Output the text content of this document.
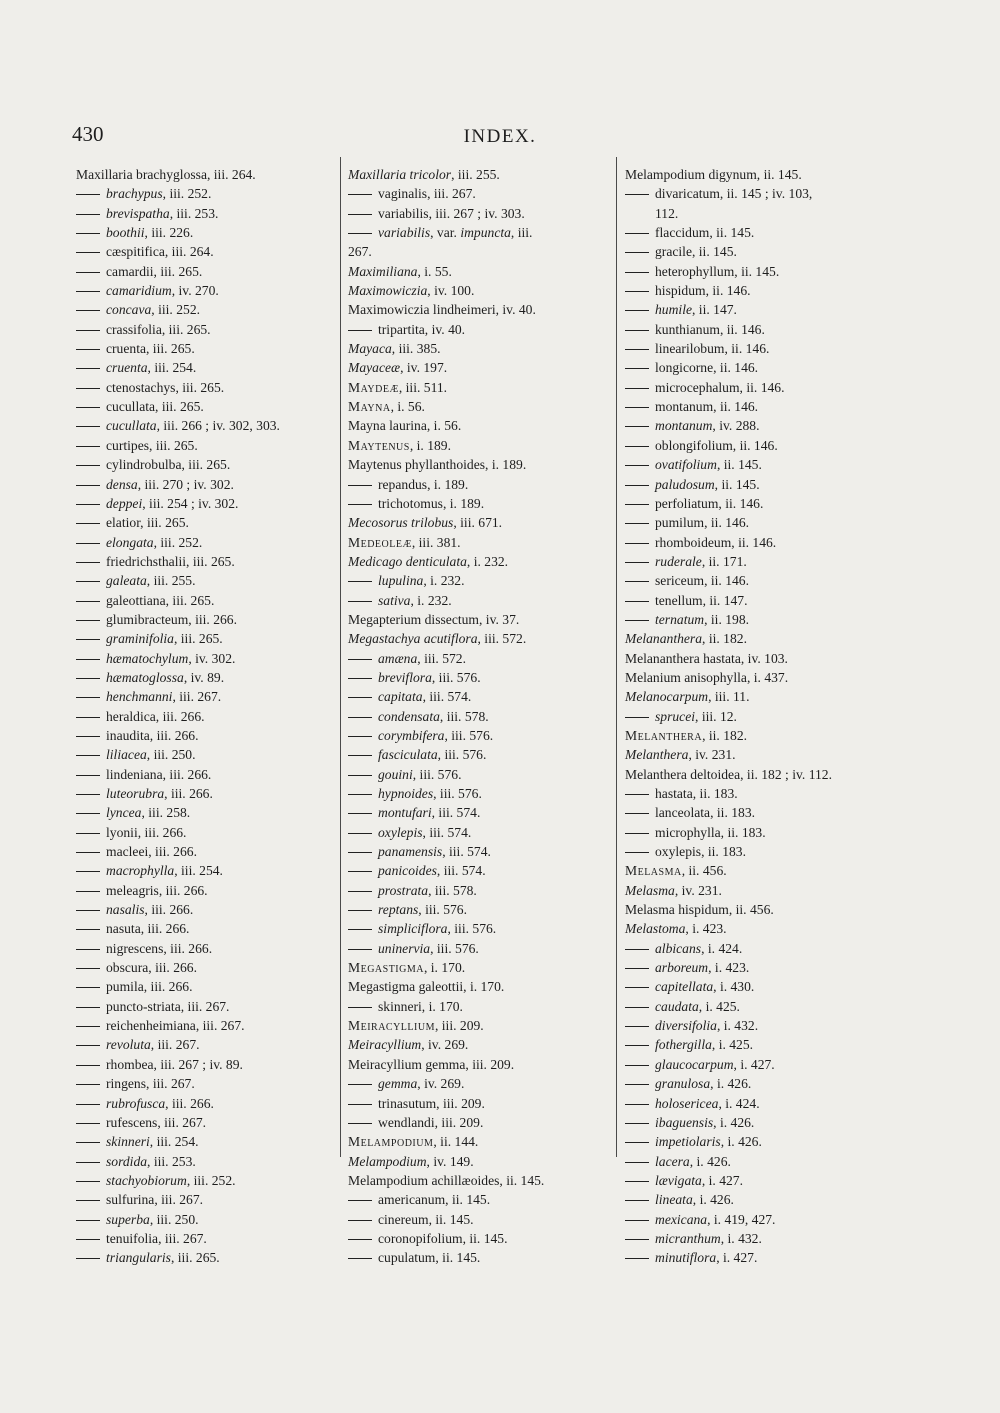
430	INDEX.
Maxillaria brachyglossa, iii. 264.
brachypus, iii. 252.
brevispatha, iii. 253.
boothii, iii. 226.
cæspitifica, iii. 264.
camardii, iii. 265.
camaridium, iv. 270.
concava, iii. 252.
crassifolia, iii. 265.
cruenta, iii. 265.
cruenta, iii. 254.
ctenostachys, iii. 265.
cucullata, iii. 265.
cucullata, iii. 266 ; iv. 302, 303.
curtipes, iii. 265.
cylindrobulba, iii. 265.
densa, iii. 270 ; iv. 302.
deppei, iii. 254 ; iv. 302.
elatior, iii. 265.
elongata, iii. 252.
friedrichsthalii, iii. 265.
galeata, iii. 255.
galeottiana, iii. 265.
glumibracteum, iii. 266.
graminifolia, iii. 265.
hæmatochylum, iv. 302.
hæmatoglossa, iv. 89.
henchmanni, iii. 267.
heraldica, iii. 266.
inaudita, iii. 266.
liliacea, iii. 250.
lindeniana, iii. 266.
luteorubra, iii. 266.
lyncea, iii. 258.
lyonii, iii. 266.
macleei, iii. 266.
macrophylla, iii. 254.
meleagris, iii. 266.
nasalis, iii. 266.
nasuta, iii. 266.
nigrescens, iii. 266.
obscura, iii. 266.
pumila, iii. 266.
puncto-striata, iii. 267.
reichenheimiana, iii. 267.
revoluta, iii. 267.
rhombea, iii. 267 ; iv. 89.
ringens, iii. 267.
rubrofusca, iii. 266.
rufescens, iii. 267.
skinneri, iii. 254.
sordida, iii. 253.
stachyobiorum, iii. 252.
sulfurina, iii. 267.
superba, iii. 250.
tenuifolia, iii. 267.
triangularis, iii. 265.
Maxillaria tricolor, iii. 255.
vaginalis, iii. 267.
variabilis, iii. 267 ; iv. 303.
variabilis, var. impuncta, iii.
267.
Maximiliana, i. 55.
Maximowiczia, iv. 100.
Maximowiczia lindheimeri, iv. 40.
tripartita, iv. 40.
Mayaca, iii. 385.
Mayaceæ, iv. 197.
Maydeæ, iii. 511.
Mayna, i. 56.
Mayna laurina, i. 56.
Maytenus, i. 189.
Maytenus phyllanthoides, i. 189.
repandus, i. 189.
trichotomus, i. 189.
Mecosorus trilobus, iii. 671.
Medeoleæ, iii. 381.
Medicago denticulata, i. 232.
lupulina, i. 232.
sativa, i. 232.
Megapterium dissectum, iv. 37.
Megastachya acutiflora, iii. 572.
amæna, iii. 572.
breviflora, iii. 576.
capitata, iii. 574.
condensata, iii. 578.
corymbifera, iii. 576.
fasciculata, iii. 576.
gouini, iii. 576.
hypnoides, iii. 576.
montufari, iii. 574.
oxylepis, iii. 574.
panamensis, iii. 574.
panicoides, iii. 574.
prostrata, iii. 578.
reptans, iii. 576.
simpliciflora, iii. 576.
uninervia, iii. 576.
Megastigma, i. 170.
Megastigma galeottii, i. 170.
skinneri, i. 170.
Meiracyllium, iii. 209.
Meiracyllium, iv. 269.
Meiracyllium gemma, iii. 209.
gemma, iv. 269.
trinasutum, iii. 209.
wendlandi, iii. 209.
Melampodium, ii. 144.
Melampodium, iv. 149.
Melampodium achillæoides, ii. 145.
americanum, ii. 145.
cinereum, ii. 145.
coronopifolium, ii. 145.
cupulatum, ii. 145.
Melampodium digynum, ii. 145.
divaricatum, ii. 145 ; iv. 103,
112.
flaccidum, ii. 145.
gracile, ii. 145.
heterophyllum, ii. 145.
hispidum, ii. 146.
humile, ii. 147.
kunthianum, ii. 146.
linearilobum, ii. 146.
longicorne, ii. 146.
microcephalum, ii. 146.
montanum, ii. 146.
montanum, iv. 288.
oblongifolium, ii. 146.
ovatifolium, ii. 145.
paludosum, ii. 145.
perfoliatum, ii. 146.
pumilum, ii. 146.
rhomboideum, ii. 146.
ruderale, ii. 171.
sericeum, ii. 146.
tenellum, ii. 147.
ternatum, ii. 198.
Melananthera, ii. 182.
Melananthera hastata, iv. 103.
Melanium anisophylla, i. 437.
Melanocarpum, iii. 11.
sprucei, iii. 12.
Melanthera, ii. 182.
Melanthera, iv. 231.
Melanthera deltoidea, ii. 182 ; iv. 112.
hastata, ii. 183.
lanceolata, ii. 183.
microphylla, ii. 183.
oxylepis, ii. 183.
Melasma, ii. 456.
Melasma, iv. 231.
Melasma hispidum, ii. 456.
Melastoma, i. 423.
albicans, i. 424.
arboreum, i. 423.
capitellata, i. 430.
caudata, i. 425.
diversifolia, i. 432.
fothergilla, i. 425.
glaucocarpum, i. 427.
granulosa, i. 426.
holosericea, i. 424.
ibaguensis, i. 426.
impetiolaris, i. 426.
lacera, i. 426.
lævigata, i. 427.
lineata, i. 426.
mexicana, i. 419, 427.
micranthum, i. 432.
minutiflora, i. 427.
